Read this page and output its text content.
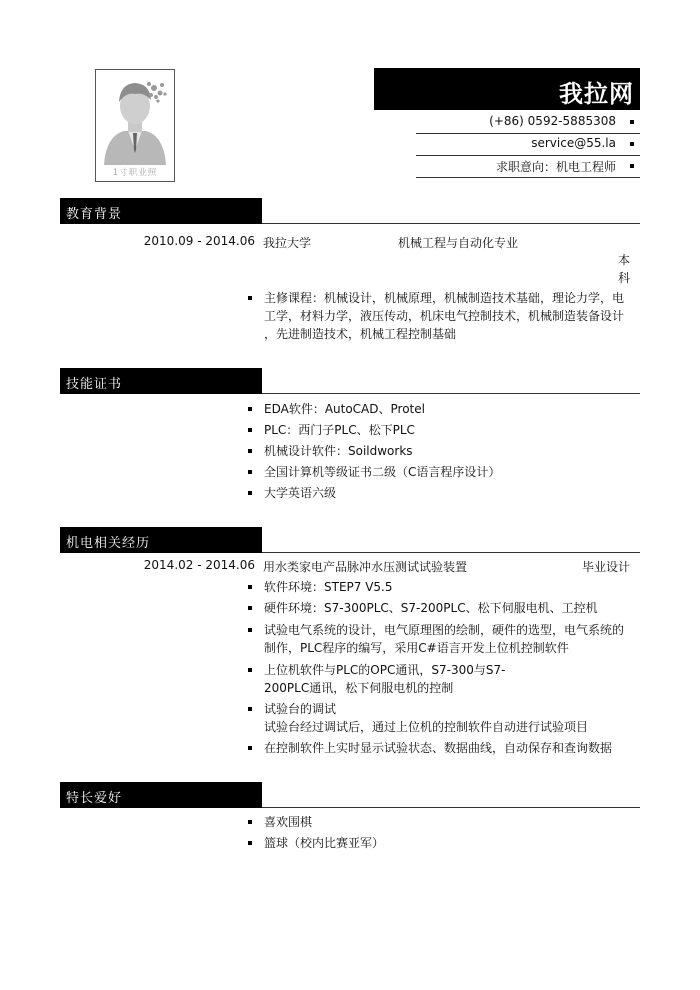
1寸职业照
我拉网
(+86) 0592-5885308
service@55.la
求职意向：机电工程师
教育背景
2010.09 - 2014.06 我拉大学	机械工程与自动化专业
本
科
主修课程：机械设计，机械原理，机械制造技术基础，理论力学，电
工学，材料力学，液压传动，机床电气控制技术，机械制造装备设计
，先进制造技术，机械工程控制基础
技能证书
EDA软件：AutoCAD、Protel
PLC：西门子PLC、松下PLC
机械设计软件：Soildworks
全国计算机等级证书二级（C语言程序设计）
大学英语六级
机电相关经历
2014.02 - 2014.06 用水类家电产品脉冲水压测试试验装置	毕业设计
软件环境：STEP7 V5.5
硬件环境：S7-300PLC、S7-200PLC、松下伺服电机、工控机
试验电气系统的设计，电气原理图的绘制，硬件的选型，电气系统的
制作，PLC程序的编写，采用C#语言开发上位机控制软件
上位机软件与PLC的OPC通讯，S7-300与S7-
200PLC通讯，松下伺服电机的控制
试验台的调试
试验台经过调试后，通过上位机的控制软件自动进行试验项目
在控制软件上实时显示试验状态、数据曲线，自动保存和查询数据
特长爱好
喜欢围棋
篮球（校内比赛亚军）
